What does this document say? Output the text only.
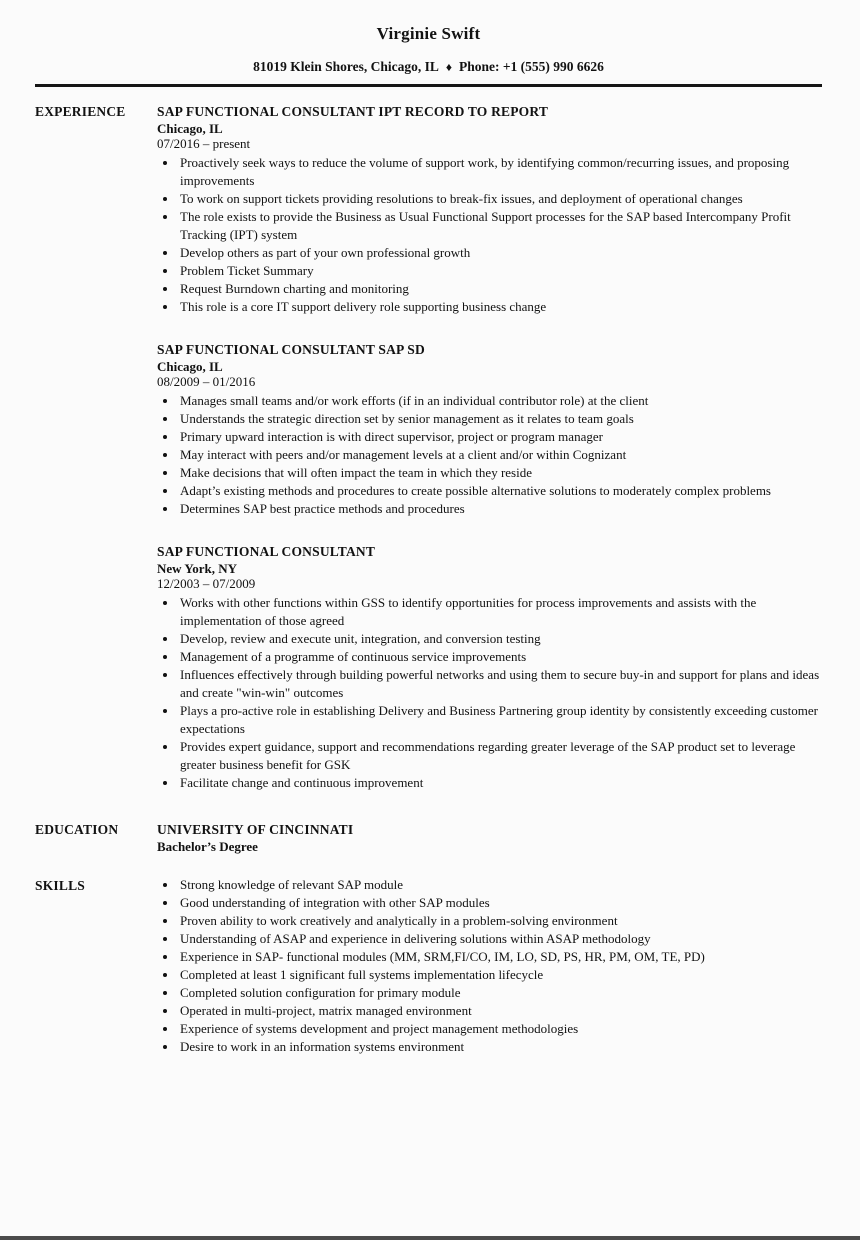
Virginie Swift
81019 Klein Shores, Chicago, IL ♦ Phone: +1 (555) 990 6626
EXPERIENCE	SAP FUNCTIONAL CONSULTANT IPT RECORD TO REPORT
Chicago, IL
07/2016 – present
• Proactively seek ways to reduce the volume of support work, by identifying common/recurring issues, and proposing improvements
• To work on support tickets providing resolutions to break-fix issues, and deployment of operational changes
• The role exists to provide the Business as Usual Functional Support processes for the SAP based Intercompany Profit Tracking (IPT) system
• Develop others as part of your own professional growth
• Problem Ticket Summary
• Request Burndown charting and monitoring
• This role is a core IT support delivery role supporting business change
SAP FUNCTIONAL CONSULTANT SAP SD
Chicago, IL
08/2009 – 01/2016
• Manages small teams and/or work efforts (if in an individual contributor role) at the client
• Understands the strategic direction set by senior management as it relates to team goals
• Primary upward interaction is with direct supervisor, project or program manager
• May interact with peers and/or management levels at a client and/or within Cognizant
• Make decisions that will often impact the team in which they reside
• Adapt’s existing methods and procedures to create possible alternative solutions to moderately complex problems
• Determines SAP best practice methods and procedures
SAP FUNCTIONAL CONSULTANT
New York, NY
12/2003 – 07/2009
• Works with other functions within GSS to identify opportunities for process improvements and assists with the implementation of those agreed
• Develop, review and execute unit, integration, and conversion testing
• Management of a programme of continuous service improvements
• Influences effectively through building powerful networks and using them to secure buy-in and support for plans and ideas and create "win-win" outcomes
• Plays a pro-active role in establishing Delivery and Business Partnering group identity by consistently exceeding customer expectations
• Provides expert guidance, support and recommendations regarding greater leverage of the SAP product set to leverage greater business benefit for GSK
• Facilitate change and continuous improvement
EDUCATION	UNIVERSITY OF CINCINNATI
Bachelor’s Degree
SKILLS	• Strong knowledge of relevant SAP module
• Good understanding of integration with other SAP modules
• Proven ability to work creatively and analytically in a problem-solving environment
• Understanding of ASAP and experience in delivering solutions within ASAP methodology
• Experience in SAP- functional modules (MM, SRM,FI/CO, IM, LO, SD, PS, HR, PM, OM, TE, PD)
• Completed at least 1 significant full systems implementation lifecycle
• Completed solution configuration for primary module
• Operated in multi-project, matrix managed environment
• Experience of systems development and project management methodologies
• Desire to work in an information systems environment
